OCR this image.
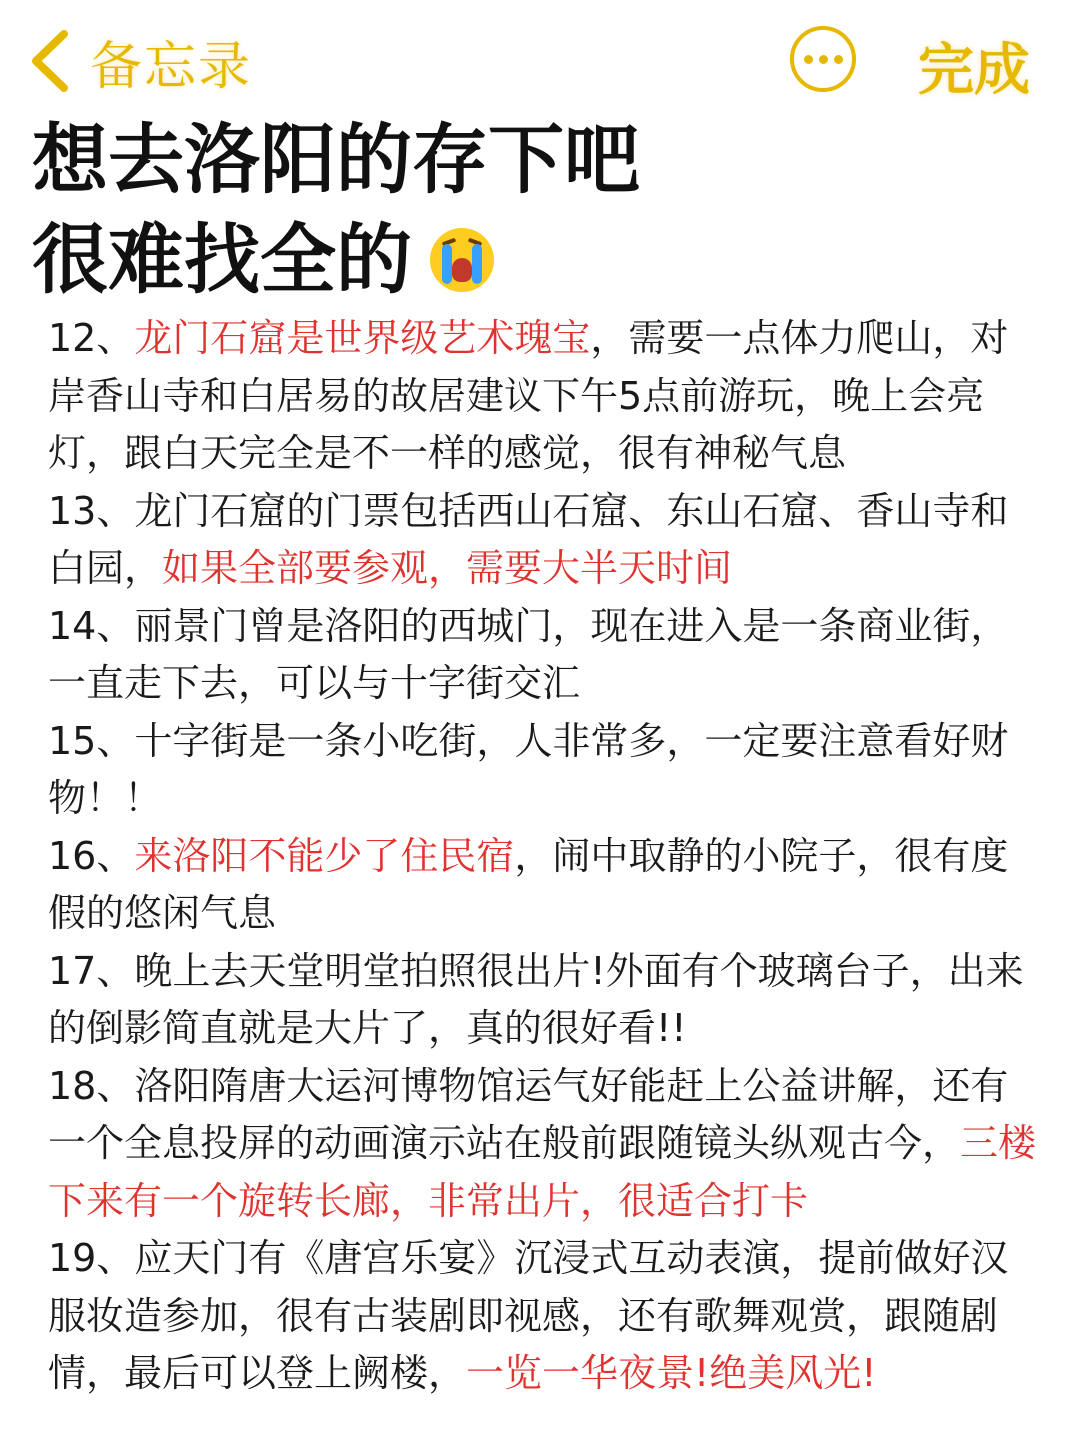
备忘录	完成
想去洛阳的存下吧
很难找全的

12、龙门石窟是世界级艺术瑰宝，需要一点体力爬山，对岸香山寺和白居易的故居建议下午5点前游玩，晚上会亮灯，跟白天完全是不一样的感觉，很有神秘气息

13、龙门石窟的门票包括西山石窟、东山石窟、香山寺和白园，如果全部要参观，需要大半天时间

14、丽景门曾是洛阳的西城门，现在进入是一条商业街，一直走下去，可以与十字街交汇

15、十字街是一条小吃街，人非常多，一定要注意看好财物！！

16、来洛阳不能少了住民宿，闹中取静的小院子，很有度假的悠闲气息

17、晚上去天堂明堂拍照很出片!外面有个玻璃台子，出来的倒影简直就是大片了，真的很好看!!

18、洛阳隋唐大运河博物馆运气好能赶上公益讲解，还有一个全息投屏的动画演示站在般前跟随镜头纵观古今，三楼下来有一个旋转长廊，非常出片，很适合打卡

19、应天门有《唐宫乐宴》沉浸式互动表演，提前做好汉服妆造参加，很有古装剧即视感，还有歌舞观赏，跟随剧情，最后可以登上阙楼，一览一华夜景!绝美风光!
